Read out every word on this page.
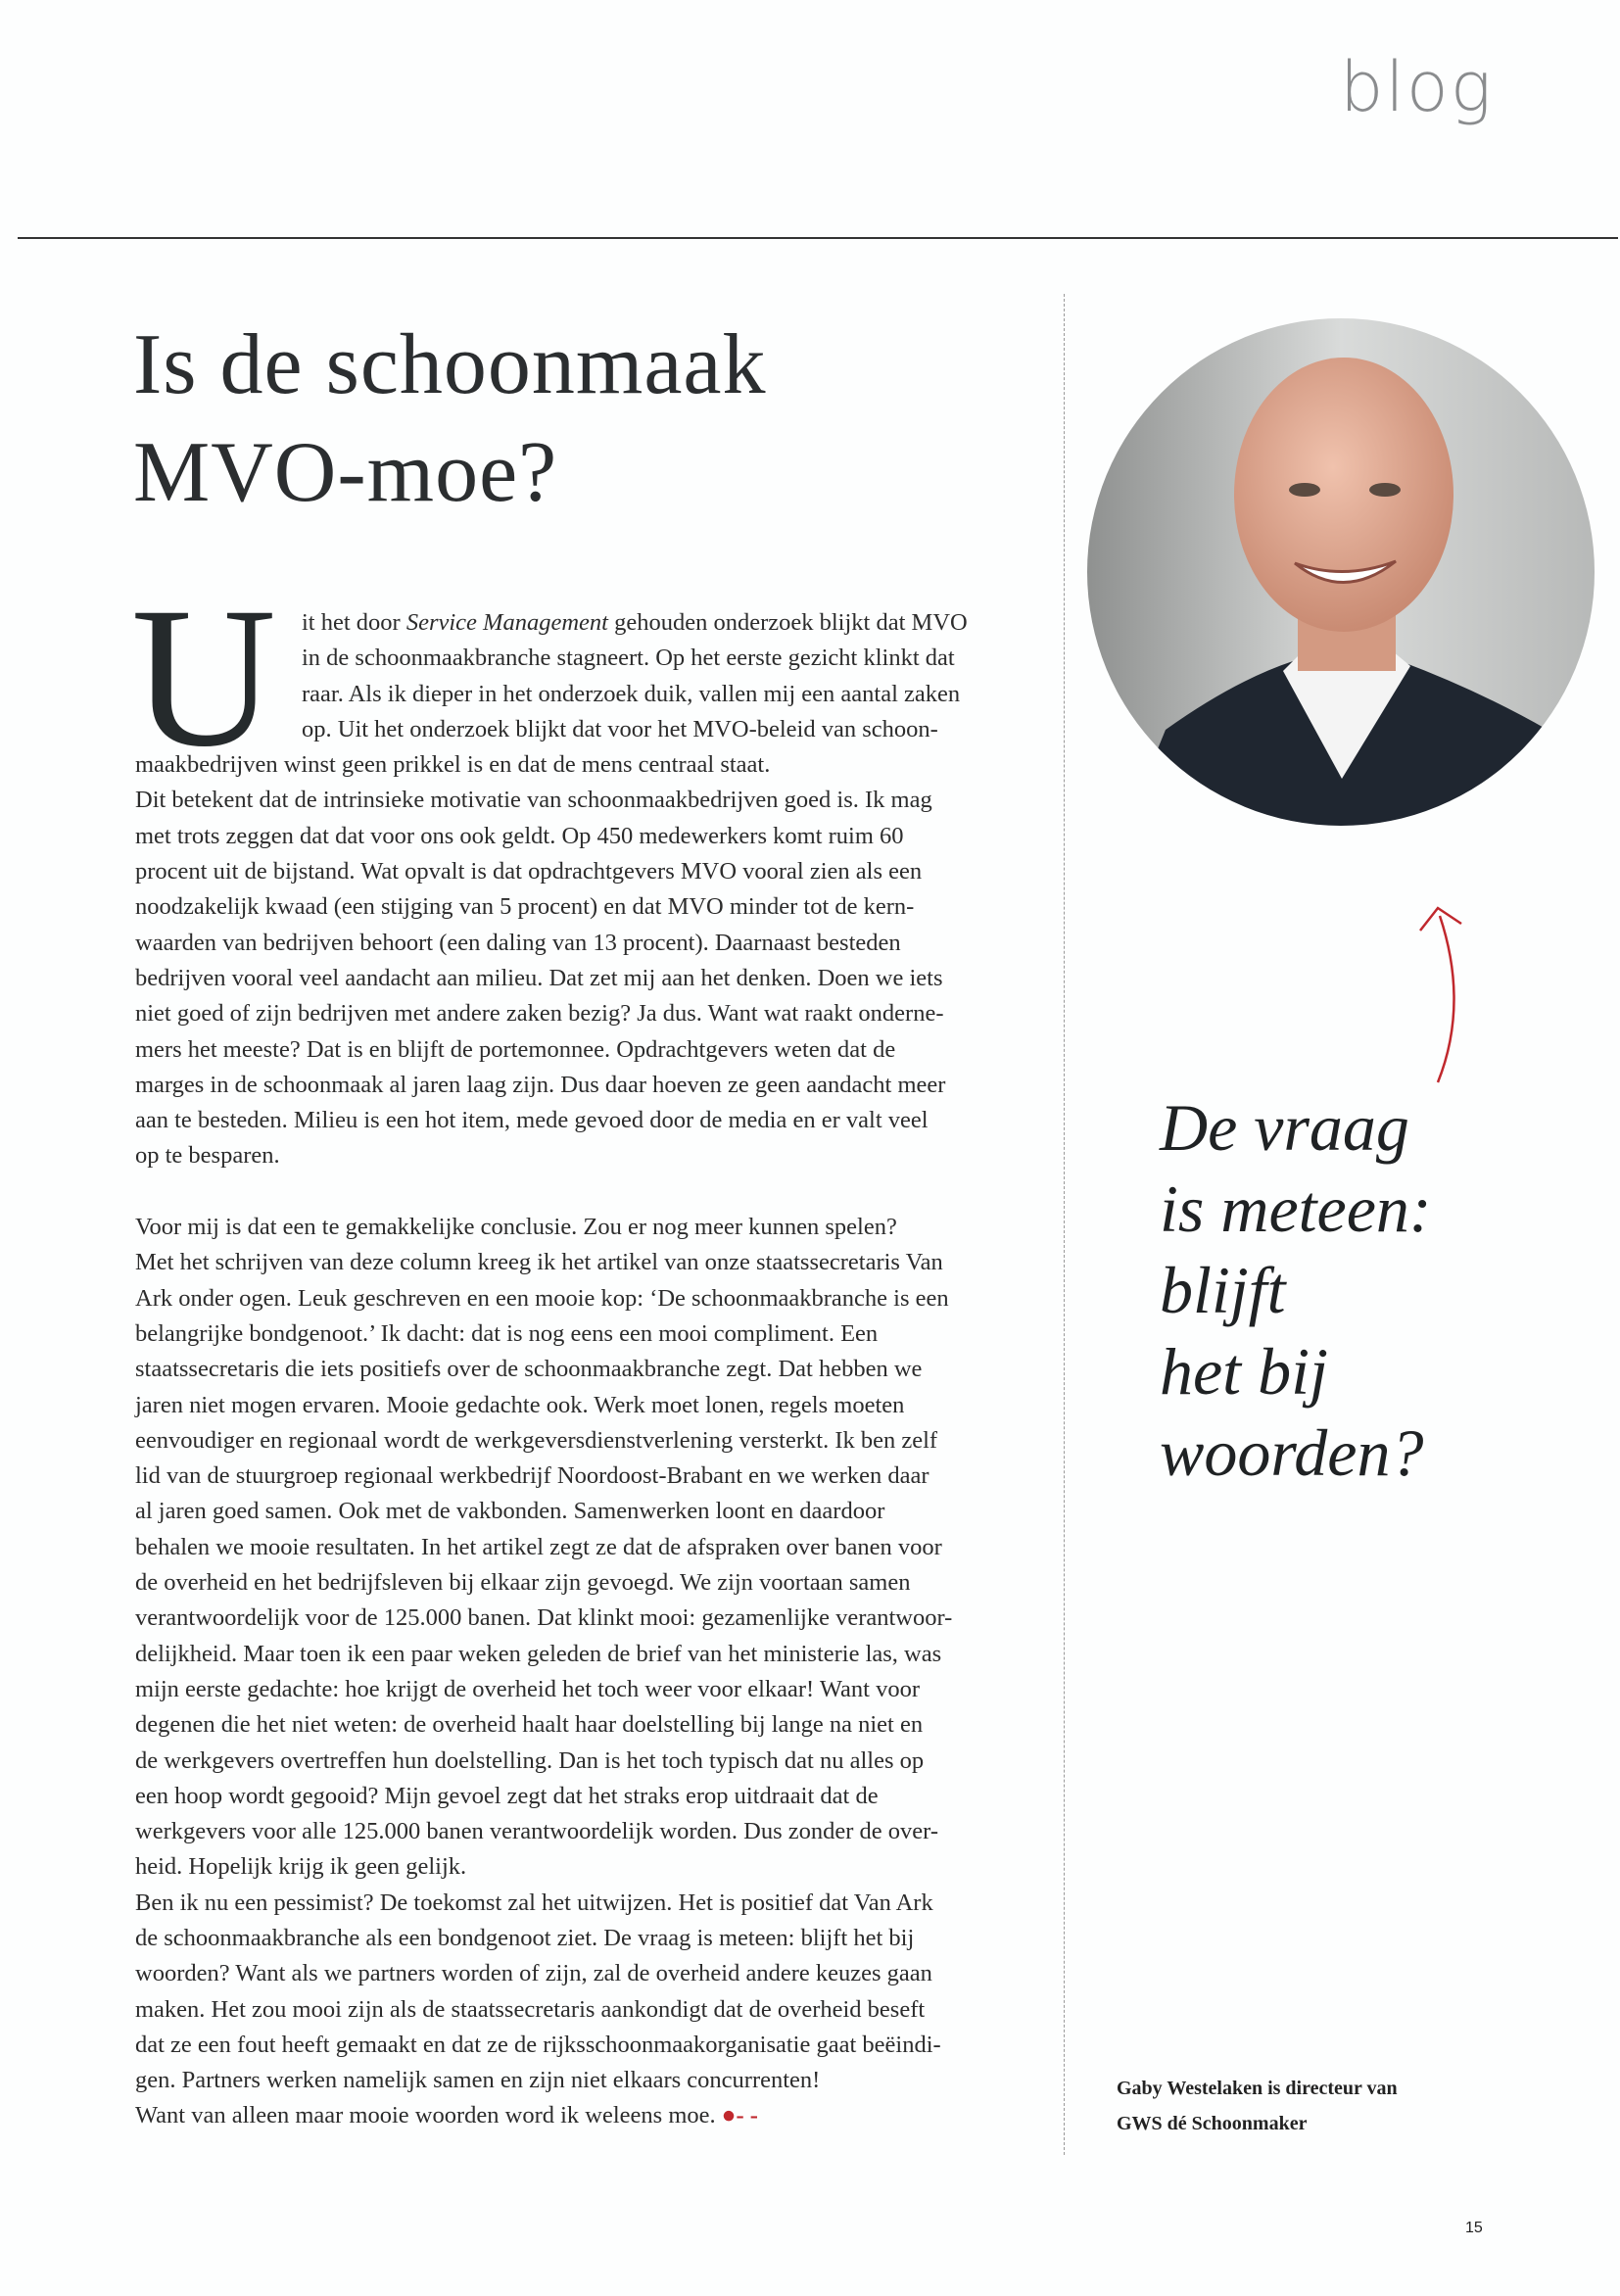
blog
Is de schoonmaak
MVO-moe?
U	it het door Service Management gehouden onderzoek blijkt dat MVO
in de schoonmaakbranche stagneert. Op het eerste gezicht klinkt dat
raar. Als ik dieper in het onderzoek duik, vallen mij een aantal zaken
op. Uit het onderzoek blijkt dat voor het MVO-beleid van schoon-
maakbedrijven winst geen prikkel is en dat de mens centraal staat.
Dit betekent dat de intrinsieke motivatie van schoonmaakbedrijven goed is. Ik mag
met trots zeggen dat dat voor ons ook geldt. Op 450 medewerkers komt ruim 60
procent uit de bijstand. Wat opvalt is dat opdrachtgevers MVO vooral zien als een
noodzakelijk kwaad (een stijging van 5 procent) en dat MVO minder tot de kern-
waarden van bedrijven behoort (een daling van 13 procent). Daarnaast besteden
bedrijven vooral veel aandacht aan milieu. Dat zet mij aan het denken. Doen we iets
niet goed of zijn bedrijven met andere zaken bezig? Ja dus. Want wat raakt onderne-
mers het meeste? Dat is en blijft de portemonnee. Opdrachtgevers weten dat de
marges in de schoonmaak al jaren laag zijn. Dus daar hoeven ze geen aandacht meer
aan te besteden. Milieu is een hot item, mede gevoed door de media en er valt veel
op te besparen.
Voor mij is dat een te gemakkelijke conclusie. Zou er nog meer kunnen spelen?
Met het schrijven van deze column kreeg ik het artikel van onze staatssecretaris Van
Ark onder ogen. Leuk geschreven en een mooie kop: ‘De schoonmaakbranche is een
belangrijke bondgenoot.’ Ik dacht: dat is nog eens een mooi compliment. Een
staatssecretaris die iets positiefs over de schoonmaakbranche zegt. Dat hebben we
jaren niet mogen ervaren. Mooie gedachte ook. Werk moet lonen, regels moeten
eenvoudiger en regionaal wordt de werkgeversdienstverlening versterkt. Ik ben zelf
lid van de stuurgroep regionaal werkbedrijf Noordoost-Brabant en we werken daar
al jaren goed samen. Ook met de vakbonden. Samenwerken loont en daardoor
behalen we mooie resultaten. In het artikel zegt ze dat de afspraken over banen voor
de overheid en het bedrijfsleven bij elkaar zijn gevoegd. We zijn voortaan samen
verantwoordelijk voor de 125.000 banen. Dat klinkt mooi: gezamenlijke verantwoor-
delijkheid. Maar toen ik een paar weken geleden de brief van het ministerie las, was
mijn eerste gedachte: hoe krijgt de overheid het toch weer voor elkaar! Want voor
degenen die het niet weten: de overheid haalt haar doelstelling bij lange na niet en
de werkgevers overtreffen hun doelstelling. Dan is het toch typisch dat nu alles op
een hoop wordt gegooid? Mijn gevoel zegt dat het straks erop uitdraait dat de
werkgevers voor alle 125.000 banen verantwoordelijk worden. Dus zonder de over-
heid. Hopelijk krijg ik geen gelijk.
Ben ik nu een pessimist? De toekomst zal het uitwijzen. Het is positief dat Van Ark
de schoonmaakbranche als een bondgenoot ziet. De vraag is meteen: blijft het bij
woorden? Want als we partners worden of zijn, zal de overheid andere keuzes gaan
maken. Het zou mooi zijn als de staatssecretaris aankondigt dat de overheid beseft
dat ze een fout heeft gemaakt en dat ze de rijksschoonmaakorganisatie gaat beëindi-
gen. Partners werken namelijk samen en zijn niet elkaars concurrenten!
Want van alleen maar mooie woorden word ik weleens moe. ●- -
De vraag
is meteen:
blijft
het bij
woorden?
Gaby Westelaken is directeur van
GWS dé Schoonmaker
15
